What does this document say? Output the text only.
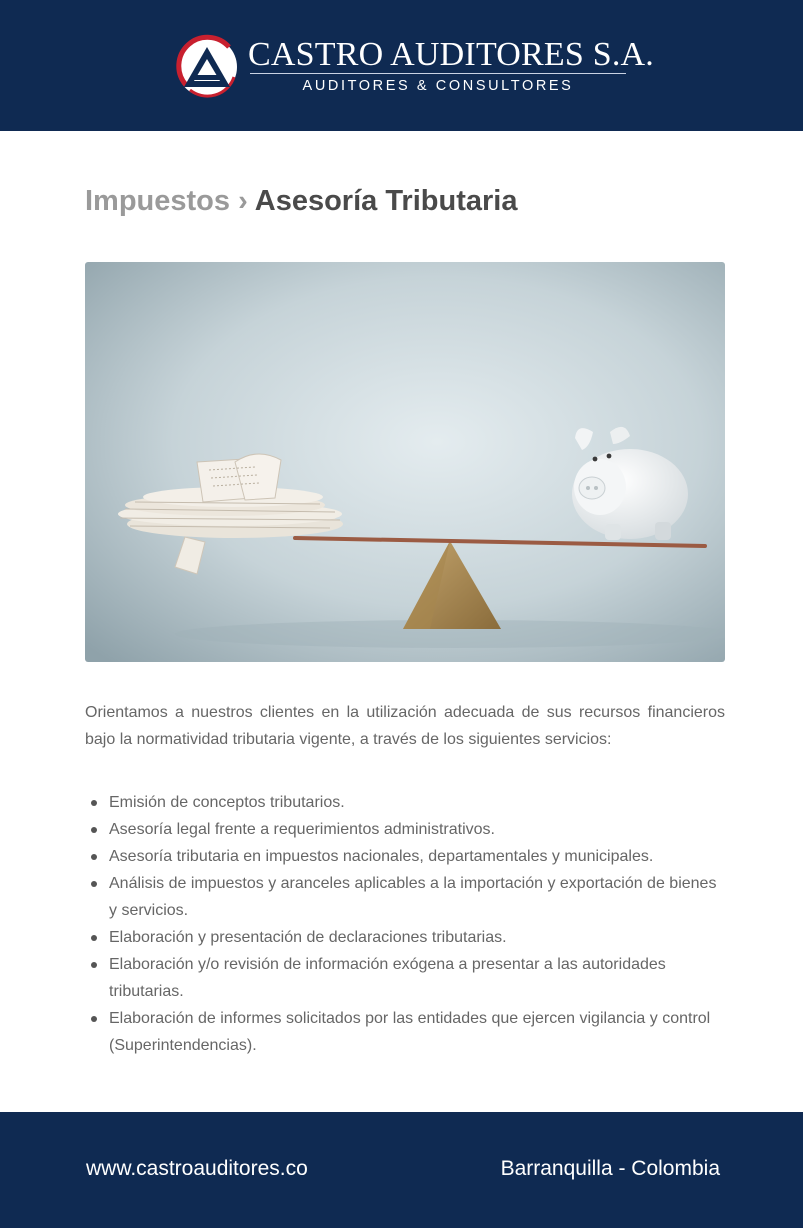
CASTRO AUDITORES S.A.
AUDITORES & CONSULTORES
Impuestos › Asesoría Tributaria

Orientamos a nuestros clientes en la utilización adecuada de sus recursos financieros bajo la normatividad tributaria vigente, a través de los siguientes servicios:

Emisión de conceptos tributarios.
Asesoría legal frente a requerimientos administrativos.
Asesoría tributaria en impuestos nacionales, departamentales y municipales.
Análisis de impuestos y aranceles aplicables a la importación y exportación de bienes y servicios.
Elaboración y presentación de declaraciones tributarias.
Elaboración y/o revisión de información exógena a presentar a las autoridades tributarias.
Elaboración de informes solicitados por las entidades que ejercen vigilancia y control (Superintendencias).
www.castroauditores.co	Barranquilla - Colombia
